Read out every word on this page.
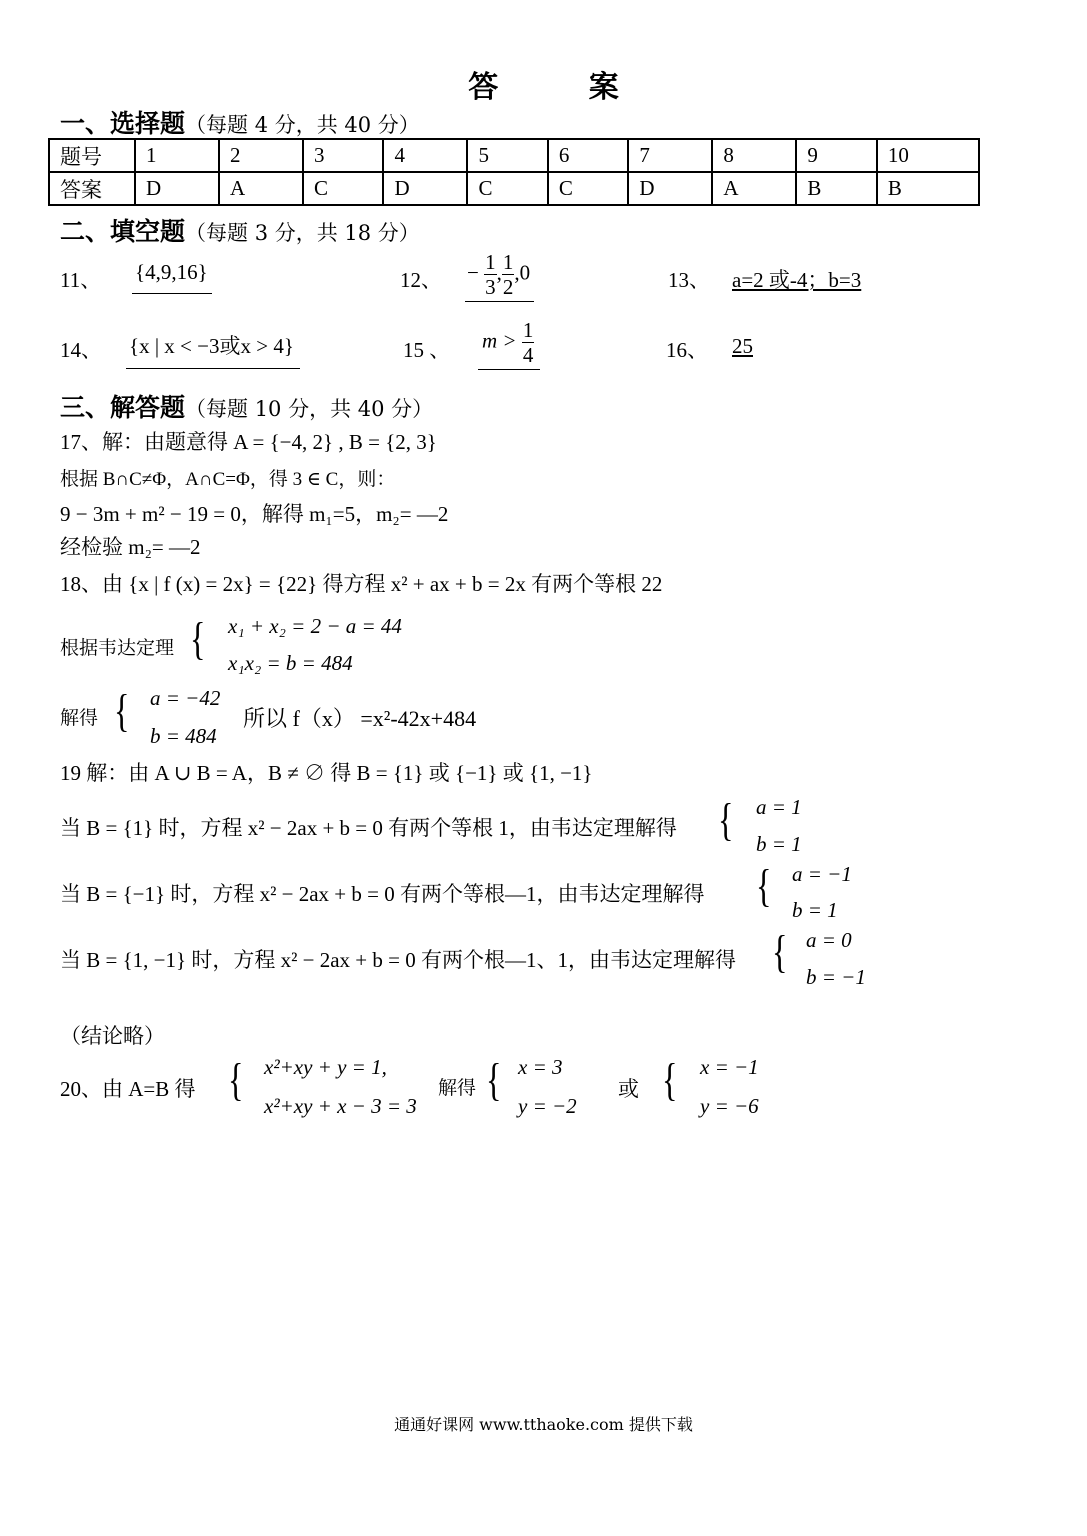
答 案
一、选择题（每题 4 分，共 40 分）
题号	1	2	3	4	5	6	7	8	9	10
答案	D	A	C	D	C	C	D	A	B	B
二、填空题（每题 3 分，共 18 分）
11、 {4,9,16}	12、 − $\frac{1}{3}$ , $\frac{1}{2} ,0$	13、 a=2 或-4；b=3
14、 {x | x < −3或x > 4}	15 、 $m > \frac{1}{4}$	16、 25
三、解答题（每题 10 分，共 40 分）
17、解：由题意得 A = {−4, 2} , B = {2, 3}
根据 B∩C≠Φ，A∩C=Φ，得 3 ∈ C，则：
9 − 3m + m² − 19 = 0，解得 m₁=5，m₂= —2
经检验 m₂= —2
18、由 {x | f (x) = 2x} = {22} 得方程 x² + ax + b = 2x 有两个等根 22
根据韦达定理 { x₁ + x₂ = 2 − a = 44
x₁x₂ = b = 484
解得 { a = −42
b = 484
所以 f（x） =x²-42x+484
19 解：由 A ∪ B = A，B ≠ ∅ 得 B = {1} 或 {−1} 或 {1, −1}
当 B = {1} 时，方程 x² − 2ax + b = 0 有两个等根 1，由韦达定理解得 { a = 1
b = 1
当 B = {−1} 时，方程 x² − 2ax + b = 0 有两个等根—1，由韦达定理解得 { a = −1
b = 1
当 B = {1, −1} 时，方程 x² − 2ax + b = 0 有两个根—1、1，由韦达定理解得 { a = 0
b = −1
（结论略）
20、由 A=B 得 { x²+xy + y = 1,
x²+xy + x − 3 = 3
解得 { x = 3
y = −2
或 { x = −1
y = −6
通通好课网 www.tthaoke.com 提供下载
